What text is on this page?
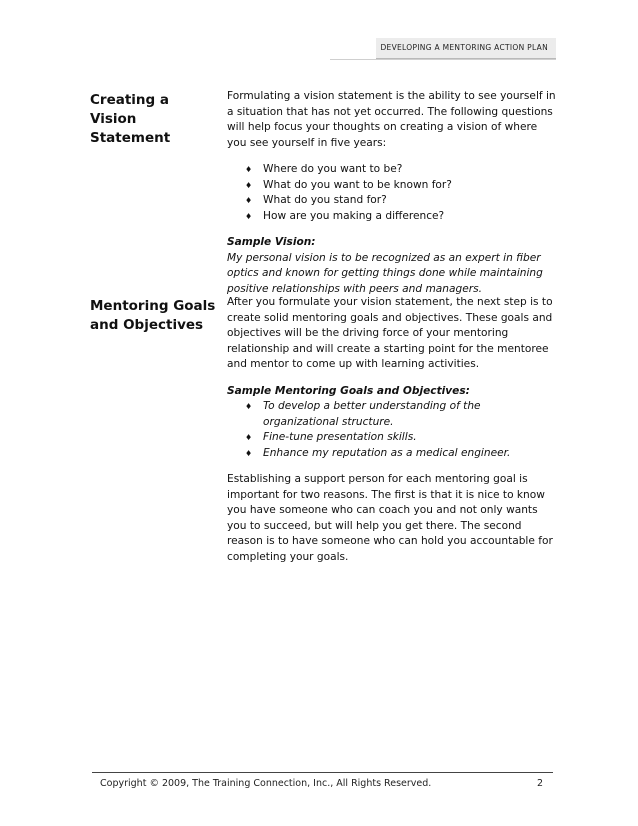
DEVELOPING A MENTORING ACTION PLAN
Creating a Vision Statement

Formulating a vision statement is the ability to see yourself in a situation that has not yet occurred. The following questions will help focus your thoughts on creating a vision of where you see yourself in five years:

♦ Where do you want to be?
♦ What do you want to be known for?
♦ What do you stand for?
♦ How are you making a difference?

Sample Vision:

My personal vision is to be recognized as an expert in fiber optics and known for getting things done while maintaining positive relationships with peers and managers.

Mentoring Goals and Objectives

After you formulate your vision statement, the next step is to create solid mentoring goals and objectives. These goals and objectives will be the driving force of your mentoring relationship and will create a starting point for the mentoree and mentor to come up with learning activities.

Sample Mentoring Goals and Objectives:

♦ To develop a better understanding of the organizational structure.
♦ Fine-tune presentation skills.
♦ Enhance my reputation as a medical engineer.

Establishing a support person for each mentoring goal is important for two reasons. The first is that it is nice to know you have someone who can coach you and not only wants you to succeed, but will help you get there. The second reason is to have someone who can hold you accountable for completing your goals.

Copyright © 2009, The Training Connection, Inc., All Rights Reserved.	2
